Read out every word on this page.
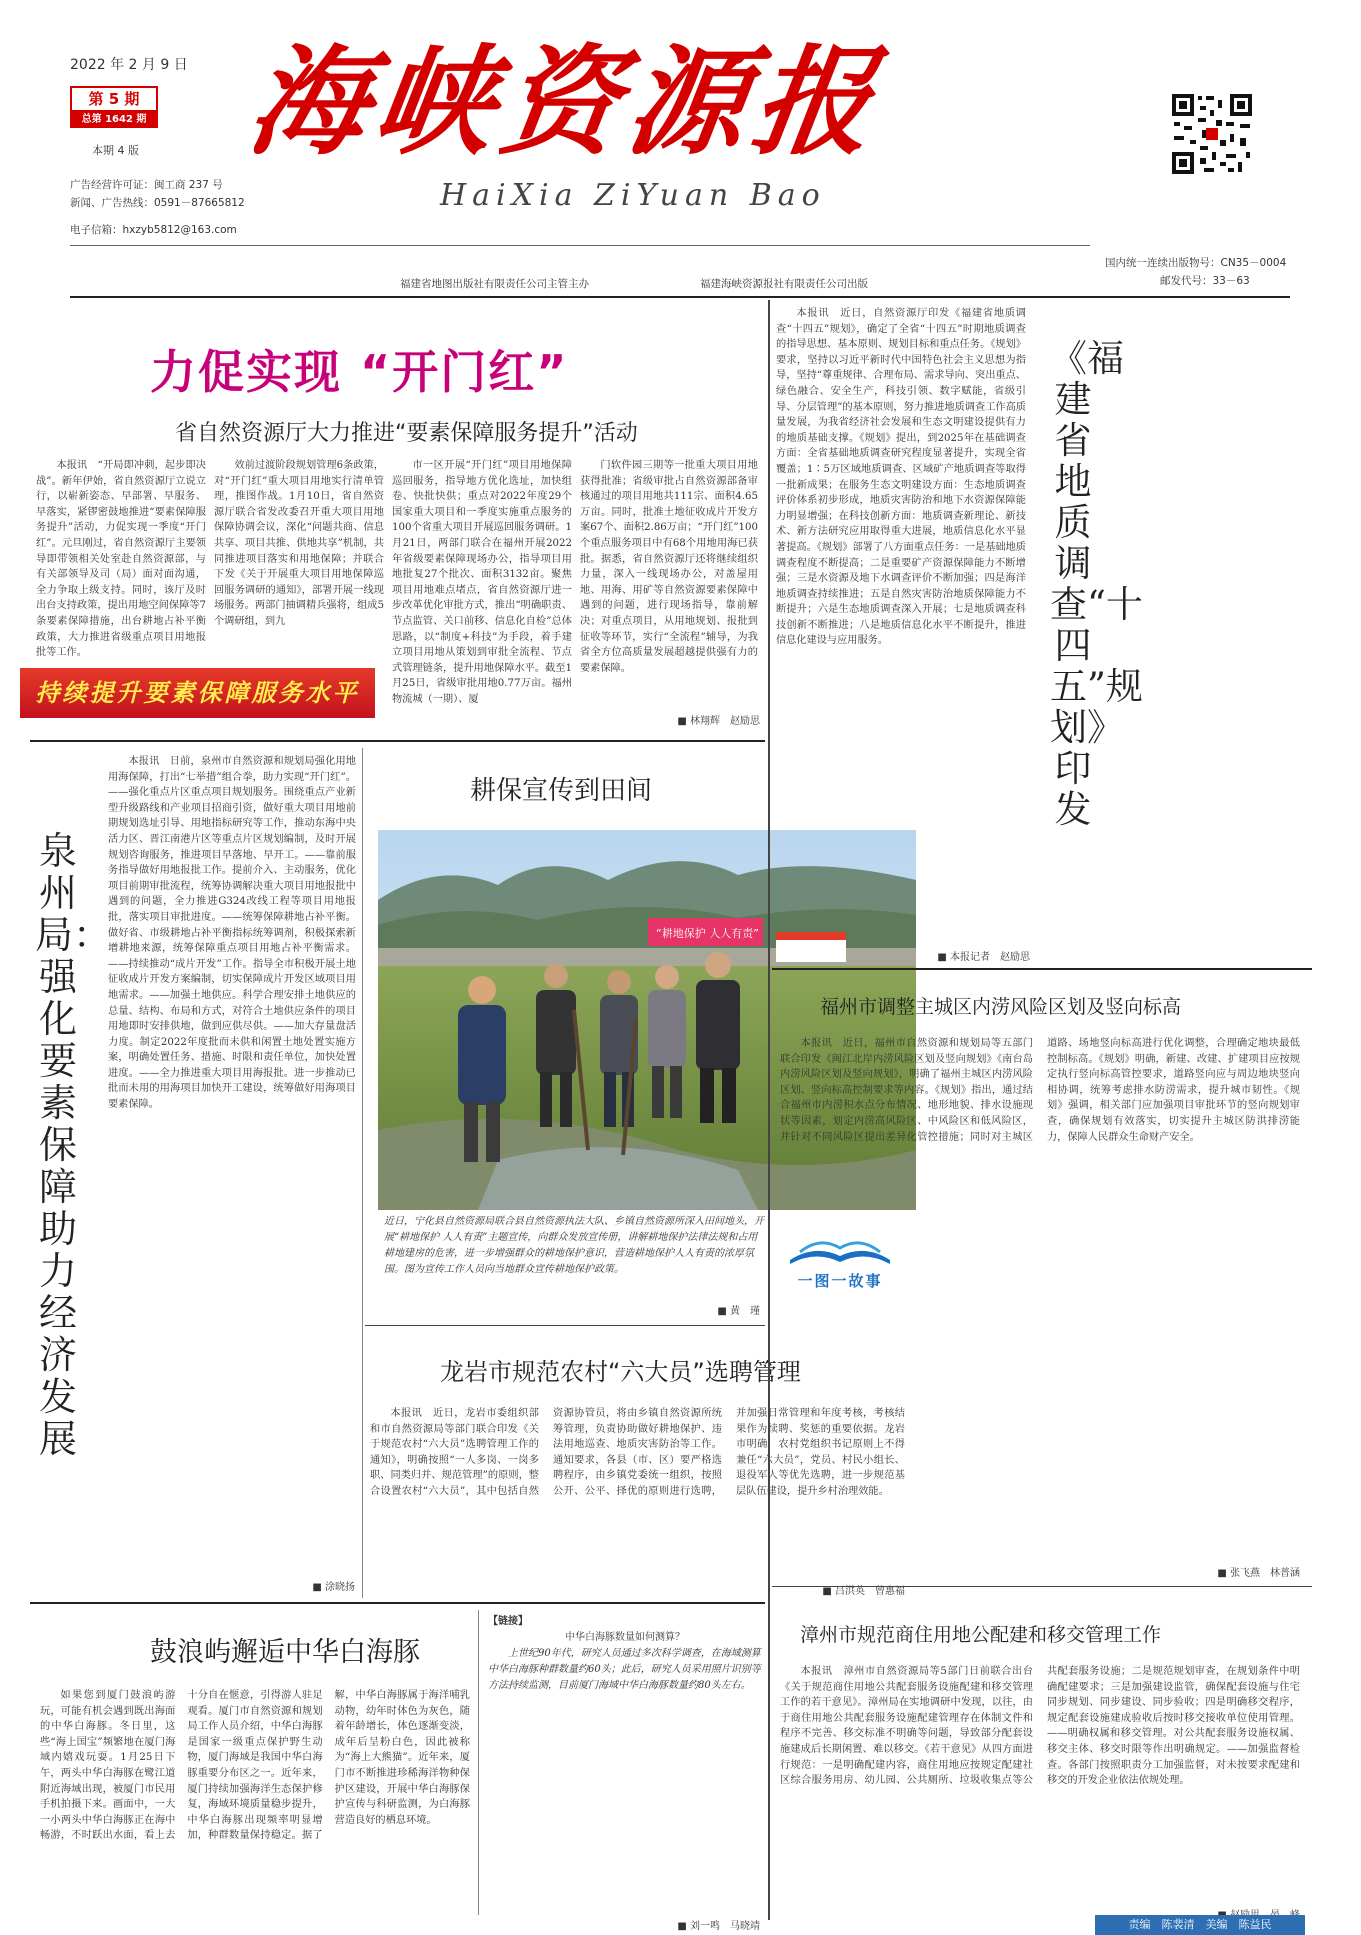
2022 年 2 月 9 日
第 5 期
总第 1642 期
本期 4 版
广告经营许可证：闽工商 237 号
新闻、广告热线：0591－87665812
电子信箱：hxzyb5812@163.com
海峡资源报
HaiXia ZiYuan Bao
国内统一连续出版物号：CN35－0004
邮发代号：33－63
福建省地图出版社有限责任公司主管主办	福建海峡资源报社有限责任公司出版
力促实现 “开门红”
省自然资源厅大力推进“要素保障服务提升”活动

本报讯　“开局即冲刺，起步即决战”。新年伊始，省自然资源厅立说立行，以崭新姿态、早部署、早服务、早落实，紧锣密鼓地推进“要素保障服务提升”活动，力促实现一季度“开门红”。元旦刚过，省自然资源厅主要领导即带领相关处室赴自然资源部，与有关部领导及司（局）面对面沟通，全力争取上级支持。同时，该厅及时出台支持政策，提出用地空间保障等7条要素保障措施，出台耕地占补平衡政策，大力推进省级重点项目用地报批等工作。

效前过渡阶段规划管理6条政策，对“开门红”重大项目用地实行清单管理，推图作战。1月10日，省自然资源厅联合省发改委召开重大项目用地保障协调会议，深化“问题共商、信息共享、项目共推、供地共享”机制，共同推进项目落实和用地保障；并联合下发《关于开展重大项目用地保障巡回服务调研的通知》，部署开展一线现场服务。两部门抽调精兵强将，组成5个调研组，到九

市一区开展“开门红”项目用地保障巡回服务，指导地方优化选址，加快组卷、快批快供；重点对2022年度29个国家重大项目和一季度实施重点服务的100个省重大项目开展巡回服务调研。1月21日，两部门联合在福州开展2022年省级要素保障现场办公，指导项目用地批复27个批次、面积3132亩。聚焦项目用地难点堵点，省自然资源厅进一步改革优化审批方式，推出“明确职责、节点监管、关口前移、信息化自检”总体思路，以“制度+科技”为手段，着手建立项目用地从策划到审批全流程、节点式管理链条，提升用地保障水平。截至1月25日，省级审批用地0.77万亩。福州物流城（一期）、厦

门软件园三期等一批重大项目用地获得批准；省级审批占自然资源部备审核通过的项目用地共111宗、面积4.65万亩。同时，批准土地征收成片开发方案67个、面积2.86万亩；“开门红”100个重点服务项目中有68个用地用海已获批。据悉，省自然资源厅还将继续组织力量，深入一线现场办公，对盖屋用地、用海、用矿等自然资源要素保障中遇到的问题，进行现场指导，靠前解决；对重点项目，从用地规划、报批到征收等环节，实行“全流程”辅导，为我省全方位高质量发展超越提供强有力的要素保障。

■ 林翔辉　赵励思
持续提升要素保障服务水平
泉州局：强化要素保障助力经济发展

本报讯　日前，泉州市自然资源和规划局强化用地用海保障，打出“七举措”组合拳，助力实现“开门红”。——强化重点片区重点项目规划服务。围绕重点产业新型升级路线和产业项目招商引资，做好重大项目用地前期规划选址引导、用地指标研究等工作，推动东海中央活力区、晋江南港片区等重点片区规划编制，及时开展规划咨询服务，推进项目早落地、早开工。——靠前服务指导做好用地报批工作。提前介入、主动服务，优化项目前期审批流程，统筹协调解决重大项目用地报批中遇到的问题，全力推进G324改线工程等项目用地报批，落实项目审批进度。——统筹保障耕地占补平衡。做好省、市级耕地占补平衡指标统筹调剂，积极探索新增耕地来源，统筹保障重点项目用地占补平衡需求。——持续推动“成片开发”工作。指导全市积极开展土地征收成片开发方案编制，切实保障成片开发区域项目用地需求。——加强土地供应。科学合理安排土地供应的总量、结构、布局和方式，对符合土地供应条件的项目用地即时安排供地，做到应供尽供。——加大存量盘活力度。制定2022年度批而未供和闲置土地处置实施方案，明确处置任务、措施、时限和责任单位，加快处置进度。——全力推进重大项目用海报批。进一步推动已批而未用的用海项目加快开工建设，统筹做好用海项目要素保障。

■ 涂晓扬
耕保宣传到田间
“耕地保护 人人有责”
近日，宁化县自然资源局联合县自然资源执法大队、乡镇自然资源所深入田间地头，开展“耕地保护 人人有责”主题宣传，向群众发放宣传册，讲解耕地保护法律法规和占用耕地建房的危害，进一步增强群众的耕地保护意识，营造耕地保护人人有责的浓厚氛围。图为宣传工作人员向当地群众宣传耕地保护政策。
■ 黄　瑾
一图一故事
龙岩市规范农村“六大员”选聘管理

本报讯　近日，龙岩市委组织部和市自然资源局等部门联合印发《关于规范农村“六大员”选聘管理工作的通知》，明确按照“一人多岗、一岗多职、同类归并、规范管理”的原则，整合设置农村“六大员”，其中包括自然资源协管员，将由乡镇自然资源所统筹管理，负责协助做好耕地保护、违法用地巡查、地质灾害防治等工作。通知要求，各县（市、区）要严格选聘程序，由乡镇党委统一组织，按照公开、公平、择优的原则进行选聘，并加强日常管理和年度考核，考核结果作为续聘、奖惩的重要依据。龙岩市明确，农村党组织书记原则上不得兼任“六大员”，党员、村民小组长、退役军人等优先选聘，进一步规范基层队伍建设，提升乡村治理效能。

■ 吕洪英　曾惠福
鼓浪屿邂逅中华白海豚

如果您到厦门鼓浪屿游玩，可能有机会遇到既出海面的中华白海豚。冬日里，这些“海上国宝”频繁地在厦门海域内嬉戏玩耍。1月25日下午，两头中华白海豚在鹭江道附近海域出现，被厦门市民用手机拍摄下来。画面中，一大一小两头中华白海豚正在海中畅游，不时跃出水面，看上去十分自在惬意，引得游人驻足观看。厦门市自然资源和规划局工作人员介绍，中华白海豚是国家一级重点保护野生动物，厦门海域是我国中华白海豚重要分布区之一。近年来，厦门持续加强海洋生态保护修复，海域环境质量稳步提升，中华白海豚出现频率明显增加，种群数量保持稳定。据了解，中华白海豚属于海洋哺乳动物，幼年时体色为灰色，随着年龄增长，体色逐渐变淡，成年后呈粉白色，因此被称为“海上大熊猫”。近年来，厦门市不断推进珍稀海洋物种保护区建设，开展中华白海豚保护宣传与科研监测，为白海豚营造良好的栖息环境。

【链接】
中华白海豚数量如何测算？
上世纪90年代，研究人员通过多次科学调查，在海域测算中华白海豚种群数量约60头；此后，研究人员采用照片识别等方法持续监测，目前厦门海域中华白海豚数量约80头左右。
■ 刘一鸣　马晓靖

本报讯　近日，自然资源厅印发《福建省地质调查“十四五”规划》，确定了全省“十四五”时期地质调查的指导思想、基本原则、规划目标和重点任务。《规划》要求，坚持以习近平新时代中国特色社会主义思想为指导，坚持“尊重规律、合理布局、需求导向、突出重点、绿色融合、安全生产，科技引领、数字赋能，省级引导、分层管理”的基本原则，努力推进地质调查工作高质量发展，为我省经济社会发展和生态文明建设提供有力的地质基础支撑。《规划》提出，到2025年在基础调查方面：全省基础地质调查研究程度显著提升，实现全省覆盖；1∶5万区域地质调查、区域矿产地质调查等取得一批新成果；在服务生态文明建设方面：生态地质调查评价体系初步形成，地质灾害防治和地下水资源保障能力明显增强；在科技创新方面：地质调查新理论、新技术、新方法研究应用取得重大进展，地质信息化水平显著提高。《规划》部署了八方面重点任务：一是基础地质调查程度不断提高；二是重要矿产资源保障能力不断增强；三是水资源及地下水调查评价不断加强；四是海洋地质调查持续推进；五是自然灾害防治地质保障能力不断提升；六是生态地质调查深入开展；七是地质调查科技创新不断推进；八是地质信息化水平不断提升，推进信息化建设与应用服务。

■ 本报记者　赵励思
《福建省地质调查“十四五”规划》印发
福州市调整主城区内涝风险区划及竖向标高

本报讯　近日，福州市自然资源和规划局等五部门联合印发《闽江北岸内涝风险区划及竖向规划》《南台岛内涝风险区划及竖向规划》，明确了福州主城区内涝风险区划、竖向标高控制要求等内容。《规划》指出，通过结合福州市内涝积水点分布情况、地形地貌、排水设施现状等因素，划定内涝高风险区、中风险区和低风险区，并针对不同风险区提出差异化管控措施；同时对主城区道路、场地竖向标高进行优化调整，合理确定地块最低控制标高。《规划》明确，新建、改建、扩建项目应按规定执行竖向标高管控要求，道路竖向应与周边地块竖向相协调，统筹考虑排水防涝需求，提升城市韧性。《规划》强调，相关部门应加强项目审批环节的竖向规划审查，确保规划有效落实，切实提升主城区防洪排涝能力，保障人民群众生命财产安全。

■ 张飞燕　林普涵
漳州市规范商住用地公配建和移交管理工作

本报讯　漳州市自然资源局等5部门日前联合出台《关于规范商住用地公共配套服务设施配建和移交管理工作的若干意见》。漳州局在实地调研中发现，以往，由于商住用地公共配套服务设施配建管理存在体制文件和程序不完善、移交标准不明确等问题，导致部分配套设施建成后长期闲置、难以移交。《若干意见》从四方面进行规范：一是明确配建内容，商住用地应按规定配建社区综合服务用房、幼儿园、公共厕所、垃圾收集点等公共配套服务设施；二是规范规划审查，在规划条件中明确配建要求；三是加强建设监管，确保配套设施与住宅同步规划、同步建设、同步验收；四是明确移交程序，规定配套设施建成验收后按时移交接收单位使用管理。——明确权属和移交管理。对公共配套服务设施权属、移交主体、移交时限等作出明确规定。——加强监督检查。各部门按照职责分工加强监督，对未按要求配建和移交的开发企业依法依规处理。

责编　陈裴清　美编　陈益民
